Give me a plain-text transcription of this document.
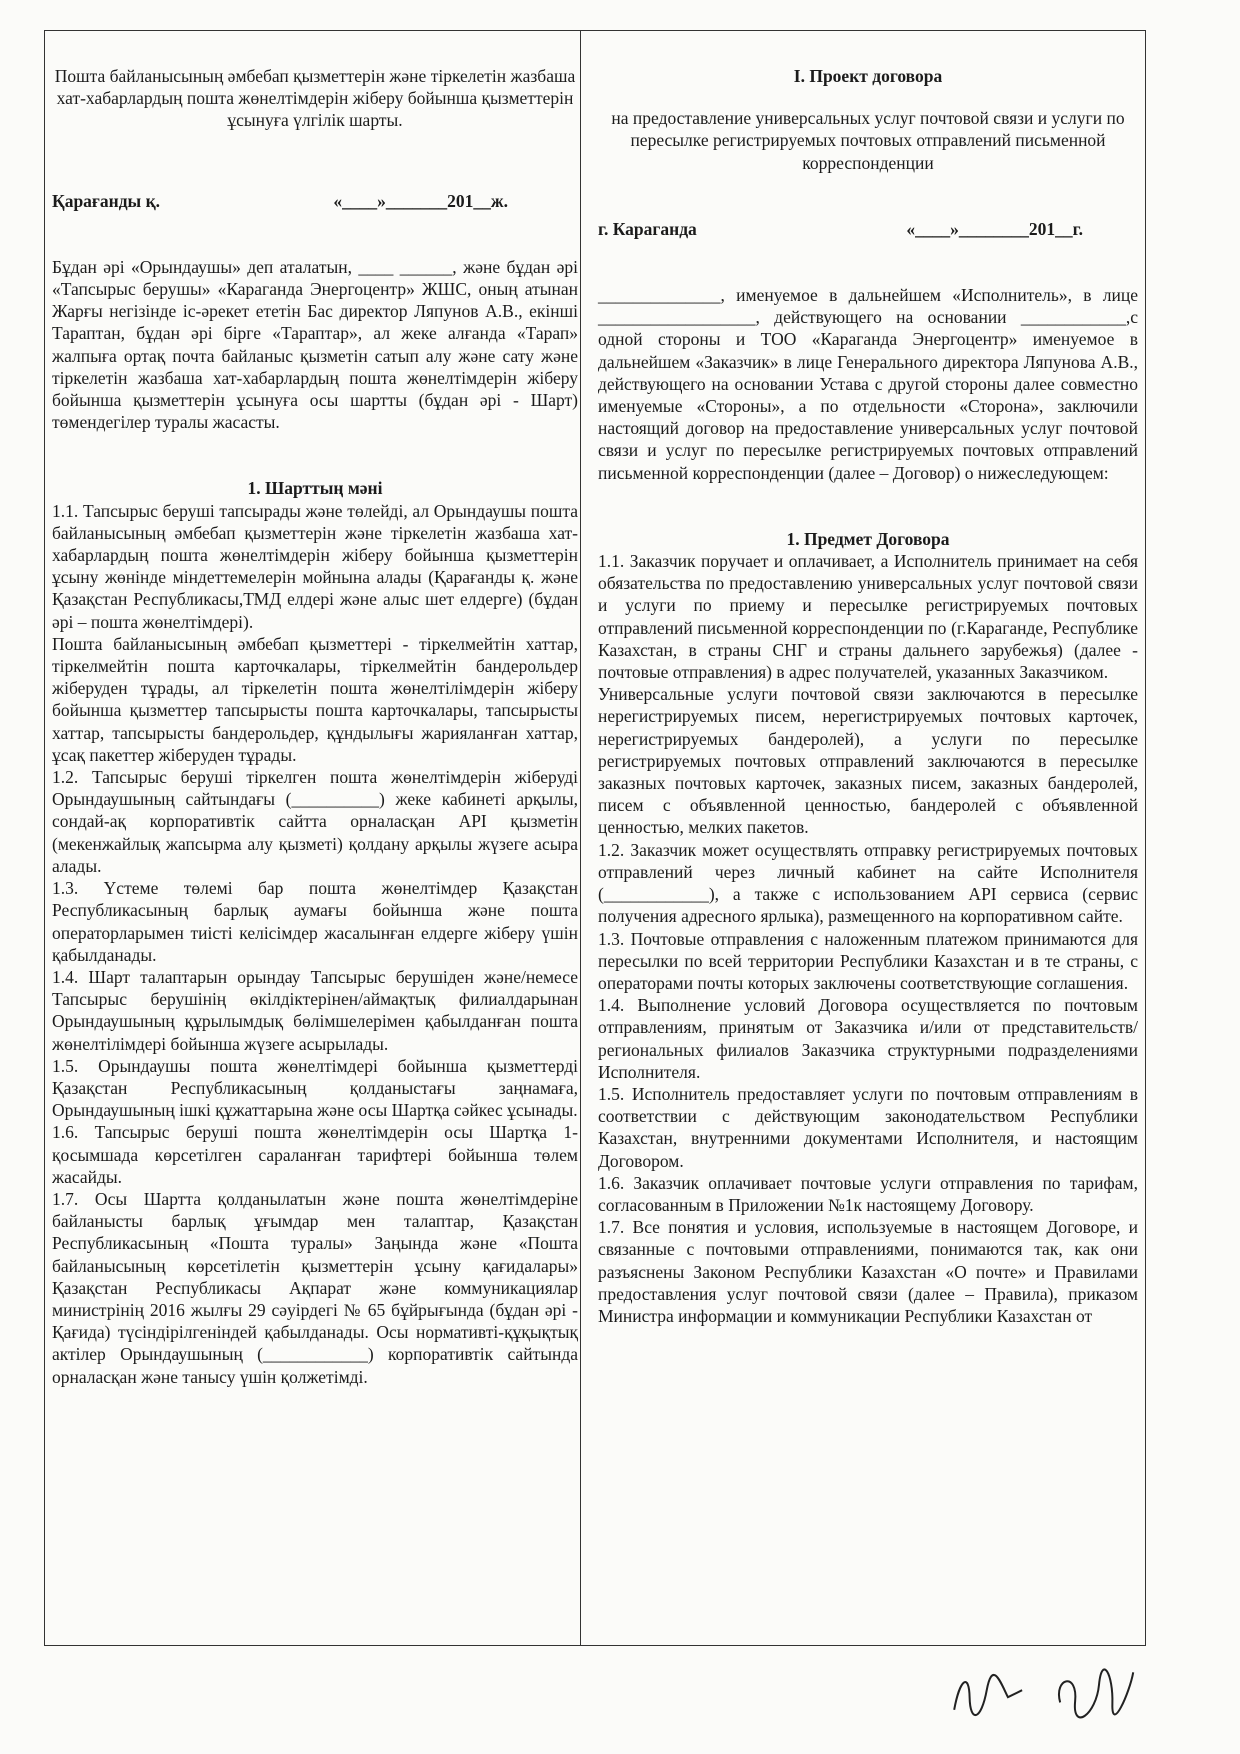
Пошта байланысының әмбебап қызметтерін және тіркелетін жазбаша хат-хабарлардың пошта жөнелтімдерін жіберу бойынша қызметтерін ұсынуға үлгілік шарты.

Қарағанды қ.	«____»_______201__ж.

Бұдан әрі «Орындаушы» деп аталатын, ____ ______, және бұдан әрі «Тапсырыс берушы» «Караганда Энергоцентр» ЖШС, оның атынан Жарғы негізінде іс-әрекет ететін Бас директор Ляпунов А.В., екінші Тараптан, бұдан әрі бірге «Тараптар», ал жеке алғанда «Тарап» жалпыға ортақ почта байланыс қызметін сатып алу және сату және тіркелетін жазбаша хат-хабарлардың пошта жөнелтімдерін жіберу бойынша қызметтерін ұсынуға осы шартты (бұдан әрі - Шарт) төмендегілер туралы жасасты.

1. Шарттың мәні

1.1. Тапсырыс беруші тапсырады және төлейді, ал Орындаушы пошта байланысының әмбебап қызметтерін және тіркелетін жазбаша хат-хабарлардың пошта жөнелтімдерін жіберу бойынша қызметтерін ұсыну жөнінде міндеттемелерін мойнына алады (Қарағанды қ. және Қазақстан Республикасы,ТМД елдері және алыс шет елдерге) (бұдан әрі – пошта жөнелтімдері).

Пошта байланысының әмбебап қызметтері - тіркелмейтін хаттар, тіркелмейтін пошта карточкалары, тіркелмейтін бандерольдер жіберуден тұрады, ал тіркелетін пошта жөнелтілімдерін жіберу бойынша қызметтер тапсырысты пошта карточкалары, тапсырысты хаттар, тапсырысты бандерольдер, құндылығы жарияланған хаттар, ұсақ пакеттер жіберуден тұрады.

1.2. Тапсырыс беруші тіркелген пошта жөнелтімдерін жіберуді Орындаушының сайтындағы (__________) жеке кабинеті арқылы, сондай-ақ корпоративтік сайтта орналасқан API қызметін (мекенжайлық жапсырма алу қызметі) қолдану арқылы жүзеге асыра алады.

1.3. Үстеме төлемі бар пошта жөнелтімдер Қазақстан Республикасының барлық аумағы бойынша және пошта операторларымен тиісті келісімдер жасалынған елдерге жіберу үшін қабылданады.

1.4. Шарт талаптарын орындау Тапсырыс берушіден және/немесе Тапсырыс берушінің өкілдіктерінен/аймақтық филиалдарынан Орындаушының құрылымдық бөлімшелерімен қабылданған пошта жөнелтілімдері бойынша жүзеге асырылады.

1.5. Орындаушы пошта жөнелтімдері бойынша қызметтерді Қазақстан Республикасының қолданыстағы заңнамаға, Орындаушының ішкі құжаттарына және осы Шартқа сәйкес ұсынады.

1.6. Тапсырыс беруші пошта жөнелтімдерін осы Шартқа 1-қосымшада көрсетілген сараланған тарифтері бойынша төлем жасайды.

1.7. Осы Шартта қолданылатын және пошта жөнелтімдеріне байланысты барлық ұғымдар мен талаптар, Қазақстан Республикасының «Пошта туралы» Заңында және «Пошта байланысының көрсетілетін қызметтерін ұсыну қағидалары» Қазақстан Республикасы Ақпарат және коммуникациялар министрінің 2016 жылғы 29 сәуірдегі № 65 бұйрығында (бұдан әрі - Қағида) түсіндірілгеніндей қабылданады. Осы нормативті-құқықтық актілер Орындаушының (____________) корпоративтік сайтында орналасқан және танысу үшін қолжетімді.

I. Проект договора

на предоставление универсальных услуг почтовой связи и услуги по пересылке регистрируемых почтовых отправлений письменной корреспонденции

г. Караганда	«____»________201__г.

______________, именуемое в дальнейшем «Исполнитель», в лице __________________, действующего на основании ____________,с одной стороны и ТОО «Караганда Энергоцентр» именуемое в дальнейшем «Заказчик» в лице Генерального директора Ляпунова А.В., действующего на основании Устава с другой стороны далее совместно именуемые «Стороны», а по отдельности «Сторона», заключили настоящий договор на предоставление универсальных услуг почтовой связи и услуг по пересылке регистрируемых почтовых отправлений письменной корреспонденции (далее – Договор) о нижеследующем:

1. Предмет Договора

1.1. Заказчик поручает и оплачивает, а Исполнитель принимает на себя обязательства по предоставлению универсальных услуг почтовой связи и услуги по приему и пересылке регистрируемых почтовых отправлений письменной корреспонденции по (г.Караганде, Республике Казахстан, в страны СНГ и страны дальнего зарубежья) (далее - почтовые отправления) в адрес получателей, указанных Заказчиком.

Универсальные услуги почтовой связи заключаются в пересылке нерегистрируемых писем, нерегистрируемых почтовых карточек, нерегистрируемых бандеролей), а услуги по пересылке регистрируемых почтовых отправлений заключаются в пересылке заказных почтовых карточек, заказных писем, заказных бандеролей, писем с объявленной ценностью, бандеролей с объявленной ценностью, мелких пакетов.

1.2. Заказчик может осуществлять отправку регистрируемых почтовых отправлений через личный кабинет на сайте Исполнителя (____________), а также с использованием API сервиса (сервис получения адресного ярлыка), размещенного на корпоративном сайте.

1.3. Почтовые отправления с наложенным платежом принимаются для пересылки по всей территории Республики Казахстан и в те страны, с операторами почты которых заключены соответствующие соглашения.

1.4. Выполнение условий Договора осуществляется по почтовым отправлениям, принятым от Заказчика и/или от представительств/региональных филиалов Заказчика структурными подразделениями Исполнителя.

1.5. Исполнитель предоставляет услуги по почтовым отправлениям в соответствии с действующим законодательством Республики Казахстан, внутренними документами Исполнителя, и настоящим Договором.

1.6. Заказчик оплачивает почтовые услуги отправления по тарифам, согласованным в Приложении №1к настоящему Договору.

1.7. Все понятия и условия, используемые в настоящем Договоре, и связанные с почтовыми отправлениями, понимаются так, как они разъяснены Законом Республики Казахстан «О почте» и Правилами предоставления услуг почтовой связи (далее – Правила), приказом Министра информации и коммуникации Республики Казахстан от
